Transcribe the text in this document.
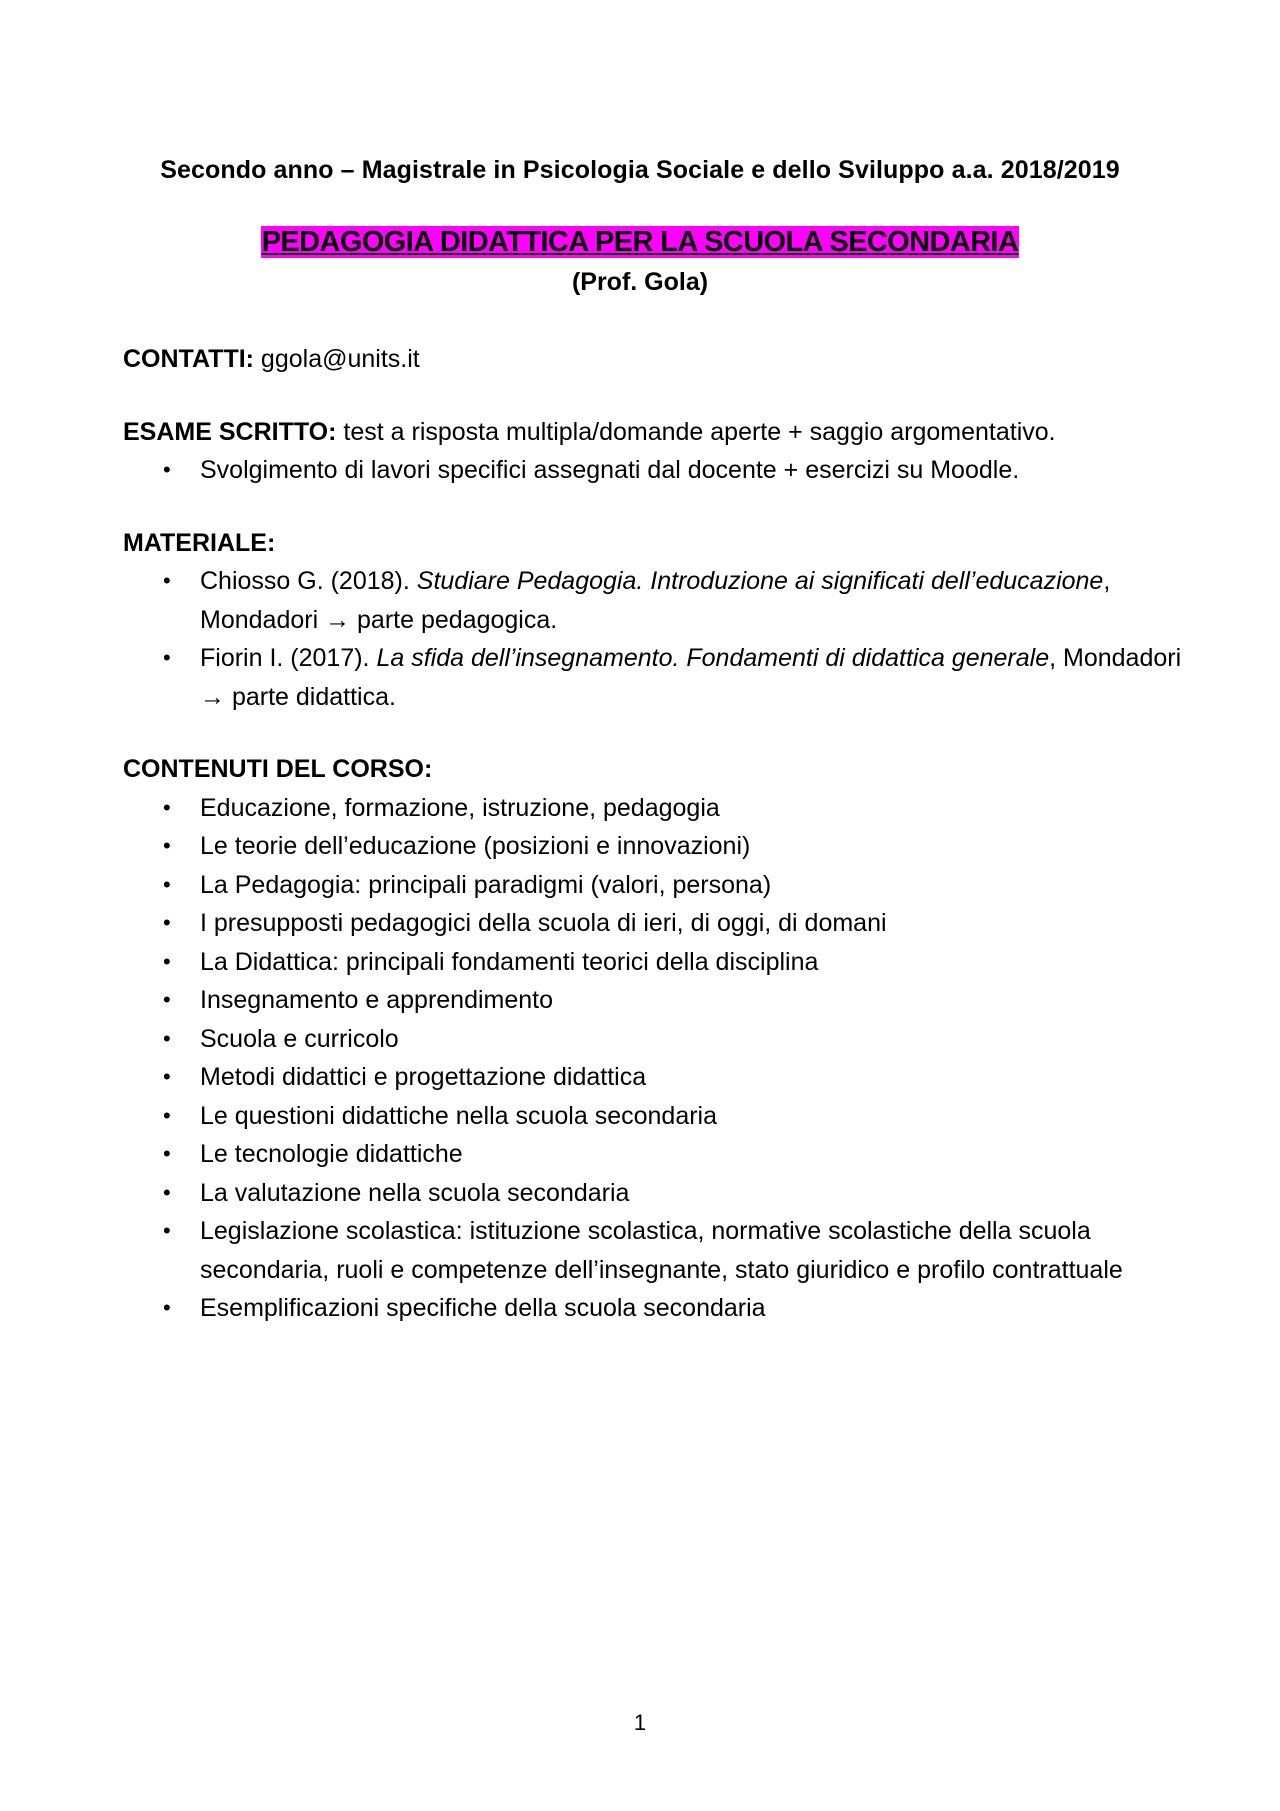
Secondo anno – Magistrale in Psicologia Sociale e dello Sviluppo a.a. 2018/2019
PEDAGOGIA DIDATTICA PER LA SCUOLA SECONDARIA
(Prof. Gola)

CONTATTI: ggola@units.it

ESAME SCRITTO: test a risposta multipla/domande aperte + saggio argomentativo.

• Svolgimento di lavori specifici assegnati dal docente + esercizi su Moodle.

MATERIALE:

• Chiosso G. (2018). Studiare Pedagogia. Introduzione ai significati dell’educazione, Mondadori → parte pedagogica.
• Fiorin I. (2017). La sfida dell’insegnamento. Fondamenti di didattica generale, Mondadori → parte didattica.

CONTENUTI DEL CORSO:

• Educazione, formazione, istruzione, pedagogia
• Le teorie dell’educazione (posizioni e innovazioni)
• La Pedagogia: principali paradigmi (valori, persona)
• I presupposti pedagogici della scuola di ieri, di oggi, di domani
• La Didattica: principali fondamenti teorici della disciplina
• Insegnamento e apprendimento
• Scuola e curricolo
• Metodi didattici e progettazione didattica
• Le questioni didattiche nella scuola secondaria
• Le tecnologie didattiche
• La valutazione nella scuola secondaria
• Legislazione scolastica: istituzione scolastica, normative scolastiche della scuola secondaria, ruoli e competenze dell’insegnante, stato giuridico e profilo contrattuale
• Esemplificazioni specifiche della scuola secondaria
1
